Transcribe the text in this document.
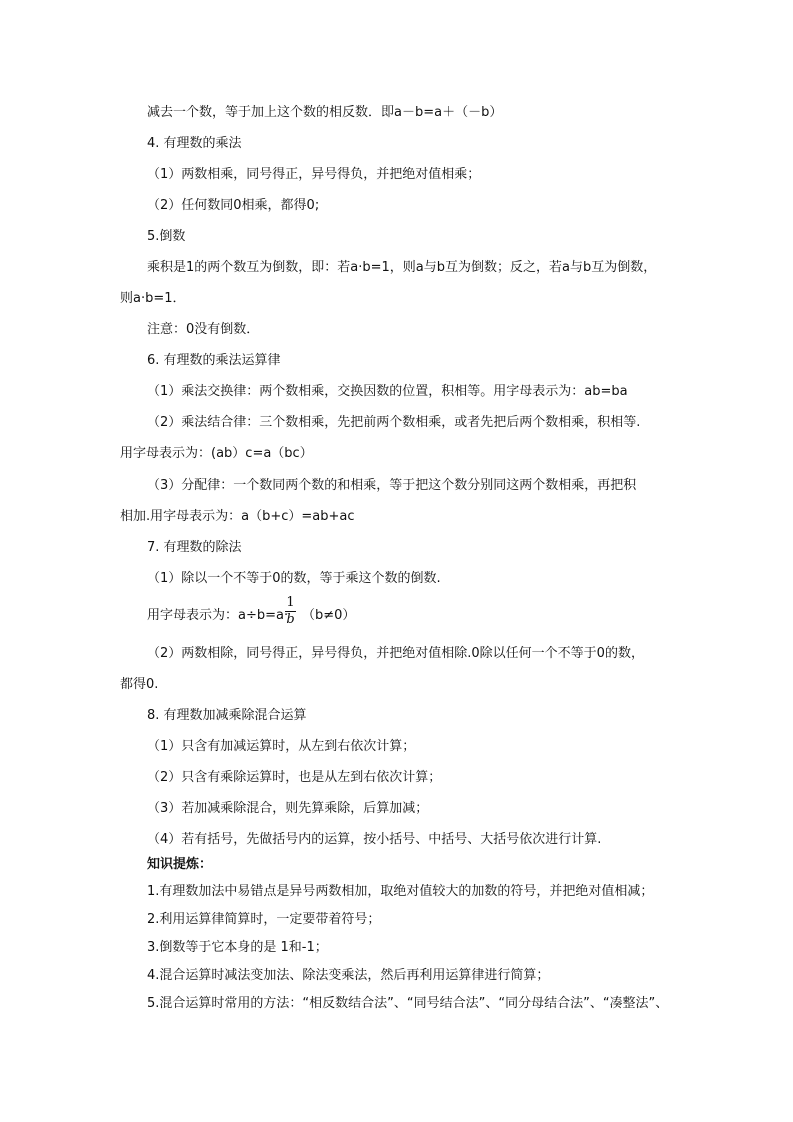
减去一个数，等于加上这个数的相反数．即a－b=a＋（－b）
4. 有理数的乘法
（1）两数相乘，同号得正，异号得负，并把绝对值相乘；
（2）任何数同0相乘，都得0;
5.倒数
乘积是1的两个数互为倒数，即：若a·b=1，则a与b互为倒数；反之，若a与b互为倒数，
则a·b=1．
注意：0没有倒数．
6. 有理数的乘法运算律
（1）乘法交换律：两个数相乘，交换因数的位置，积相等。用字母表示为：ab=ba
（2）乘法结合律：三个数相乘，先把前两个数相乘，或者先把后两个数相乘，积相等.
用字母表示为：(ab）c=a（bc）
（3）分配律：一个数同两个数的和相乘，等于把这个数分别同这两个数相乘，再把积
相加.用字母表示为：a（b+c）=ab+ac
7. 有理数的除法
（1）除以一个不等于0的数，等于乘这个数的倒数.
用字母表示为：a÷b=a·
1
b （b≠0）
（2）两数相除，同号得正，异号得负，并把绝对值相除.0除以任何一个不等于0的数，
都得0.
8. 有理数加减乘除混合运算
（1）只含有加减运算时，从左到右依次计算；
（2）只含有乘除运算时，也是从左到右依次计算；
（3）若加减乘除混合，则先算乘除，后算加减；
（4）若有括号，先做括号内的运算，按小括号、中括号、大括号依次进行计算.
知识提炼：
1.有理数加法中易错点是异号两数相加，取绝对值较大的加数的符号，并把绝对值相减；
2.利用运算律简算时，一定要带着符号；
3.倒数等于它本身的是 1和-1；
4.混合运算时减法变加法、除法变乘法，然后再利用运算律进行简算；
5.混合运算时常用的方法：“相反数结合法”、“同号结合法”、“同分母结合法”、“凑整法”、
